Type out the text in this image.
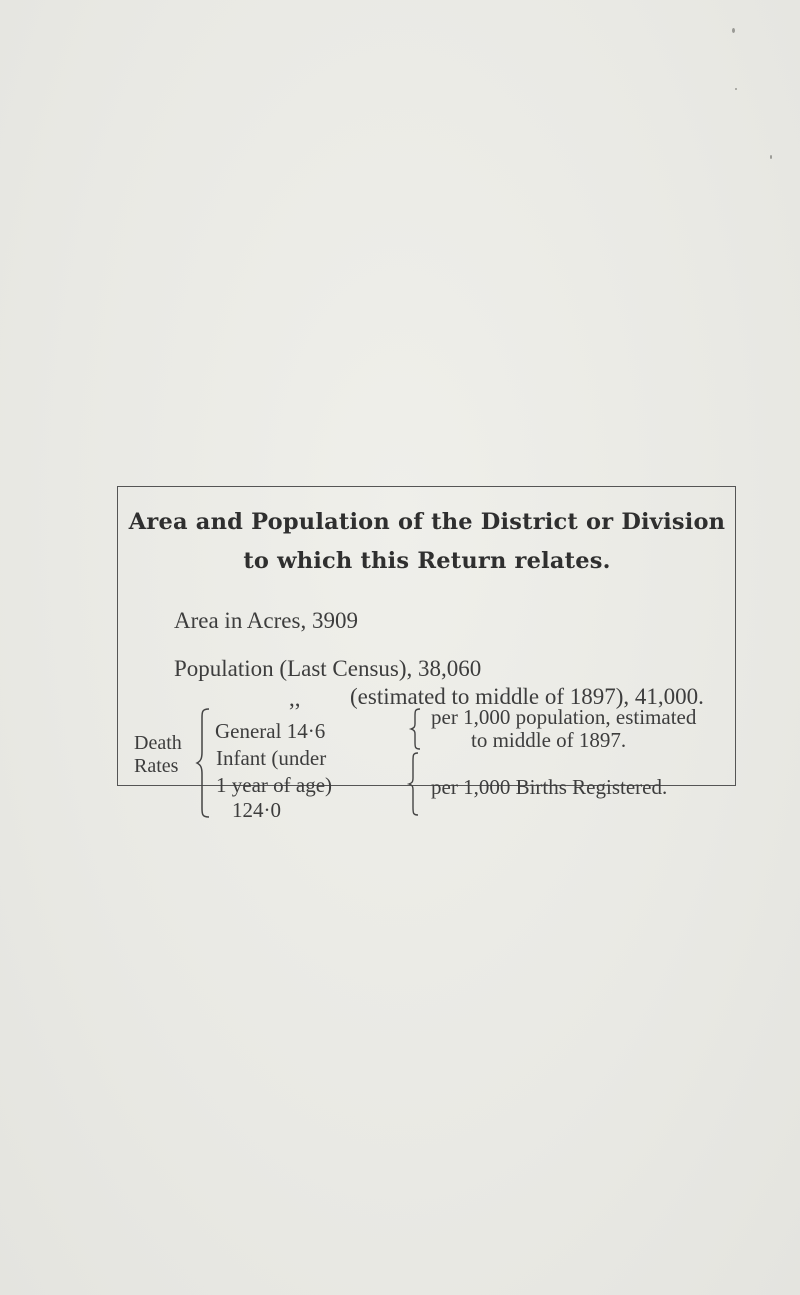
Area and Population of the District or Division
to which this Return relates.
Area in Acres, 3909
Population (Last Census), 38,060
,, (estimated to middle of 1897), 41,000.
Death
Rates
General 14·6
Infant (under
1 year of age)
124·0
per 1,000 population, estimated
to middle of 1897.
per 1,000 Births Registered.
